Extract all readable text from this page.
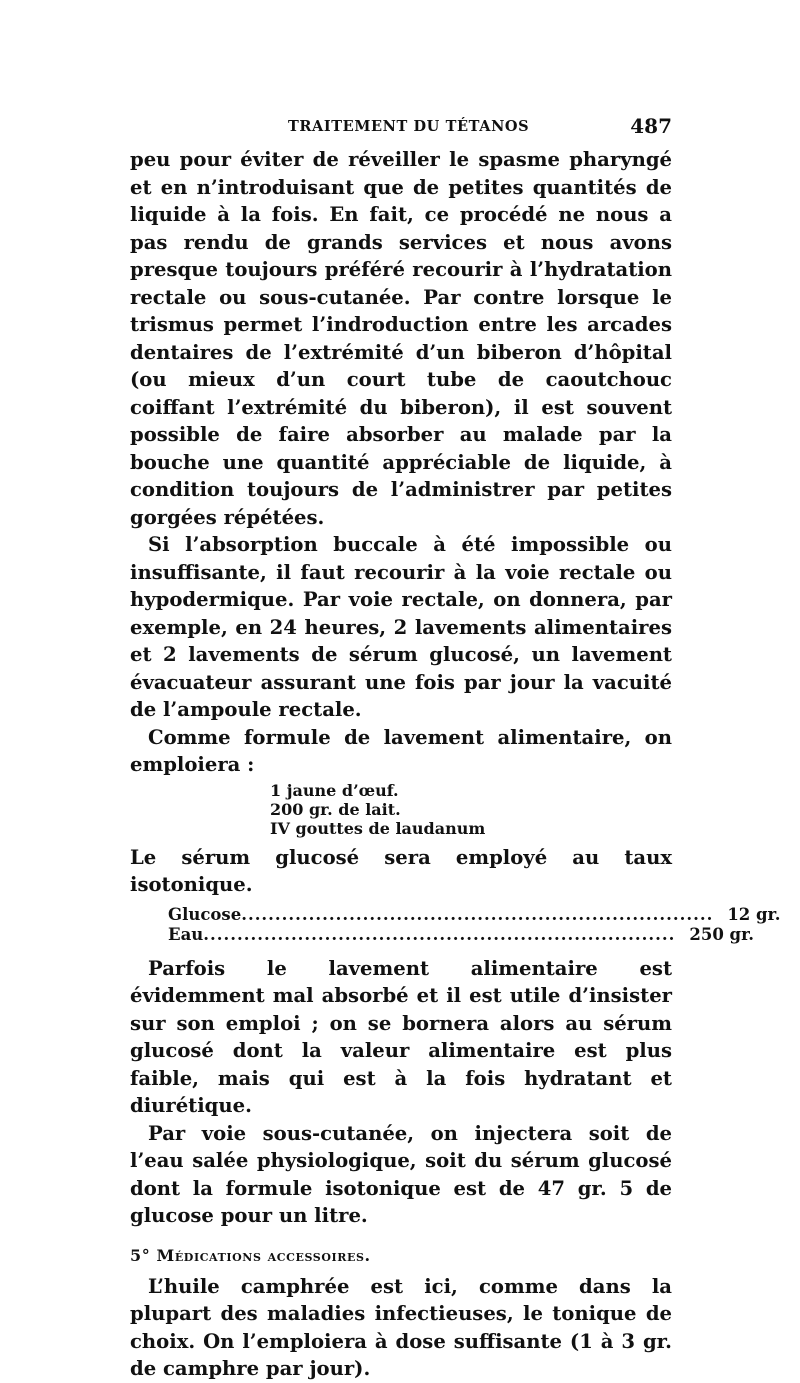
TRAITEMENT DU TÉTANOS	487

peu pour éviter de réveiller le spasme pharyngé et en n’introduisant que de petites quantités de liquide à la fois. En fait, ce procédé ne nous a pas rendu de grands services et nous avons presque toujours préféré recourir à l’hydratation rectale ou sous-cutanée. Par contre lorsque le trismus permet l’indroduction entre les arcades dentaires de l’extrémité d’un biberon d’hôpital (ou mieux d’un court tube de caoutchouc coiffant l’extrémité du biberon), il est souvent possible de faire absorber au malade par la bouche une quantité appréciable de liquide, à condition toujours de l’administrer par petites gorgées répétées.

Si l’absorption buccale à été impossible ou insuffisante, il faut recourir à la voie rectale ou hypodermique. Par voie rectale, on donnera, par exemple, en 24 heures, 2 lavements alimentaires et 2 lavements de sérum glucosé, un lavement évacuateur assurant une fois par jour la vacuité de l’ampoule rectale.

Comme formule de lavement alimentaire, on emploiera :

1 jaune d’œuf.
200 gr. de lait.
IV gouttes de laudanum

Le sérum glucosé sera employé au taux isotonique.

Glucose ...................................................................... 12 gr.
Eau ...................................................................... 250 gr.

Parfois le lavement alimentaire est évidemment mal absorbé et il est utile d’insister sur son emploi ; on se bornera alors au sérum glucosé dont la valeur alimentaire est plus faible, mais qui est à la fois hydratant et diurétique.

Par voie sous-cutanée, on injectera soit de l’eau salée physiologique, soit du sérum glucosé dont la formule isotonique est de 47 gr. 5 de glucose pour un litre.

5° Médications accessoires.

L’huile camphrée est ici, comme dans la plupart des maladies infectieuses, le tonique de choix. On l’emploiera à dose suffisante (1 à 3 gr. de camphre par jour).
